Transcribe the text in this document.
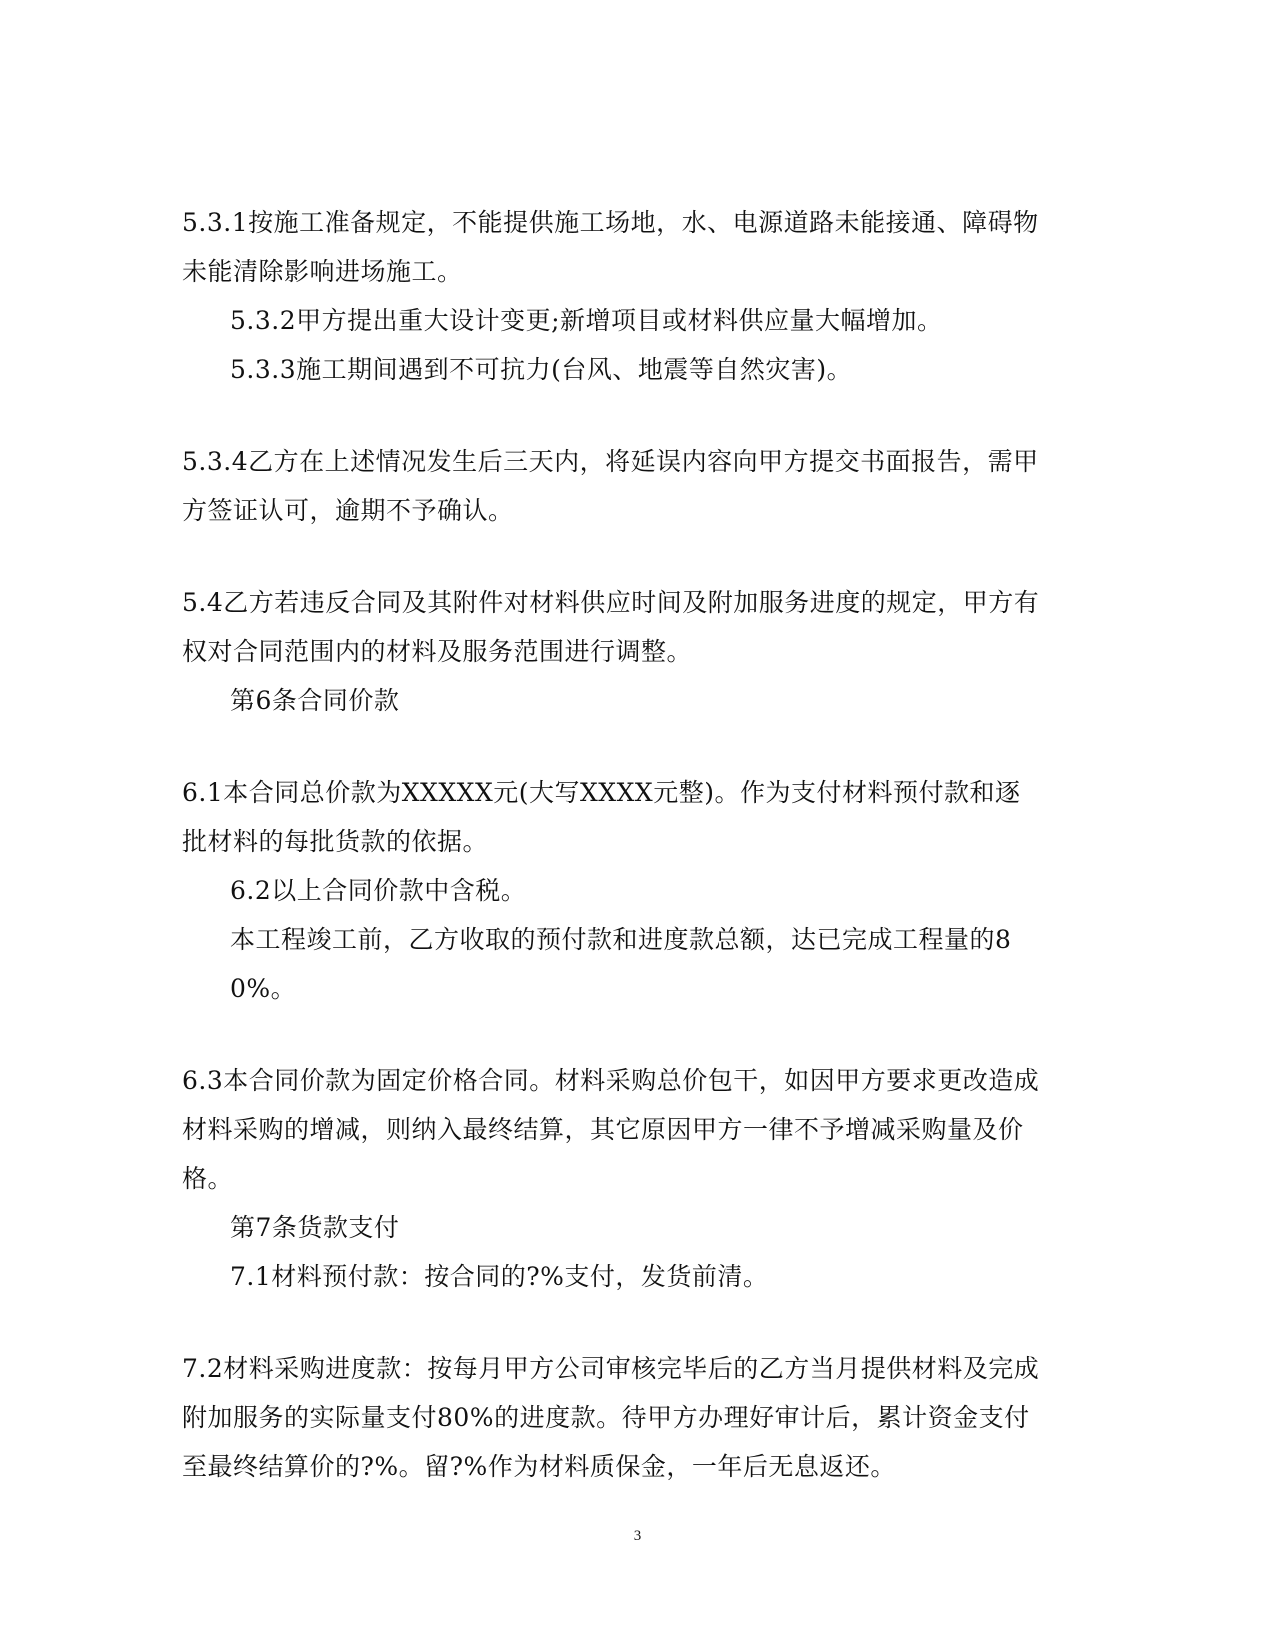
5.3.1按施工准备规定，不能提供施工场地，水、电源道路未能接通、障碍物未能清除影响进场施工。

5.3.2甲方提出重大设计变更;新增项目或材料供应量大幅增加。

5.3.3施工期间遇到不可抗力(台风、地震等自然灾害)。

5.3.4乙方在上述情况发生后三天内，将延误内容向甲方提交书面报告，需甲方签证认可，逾期不予确认。

5.4乙方若违反合同及其附件对材料供应时间及附加服务进度的规定，甲方有权对合同范围内的材料及服务范围进行调整。

第6条合同价款

6.1本合同总价款为XXXXX元(大写XXXX元整)。作为支付材料预付款和逐批材料的每批货款的依据。

6.2以上合同价款中含税。

本工程竣工前，乙方收取的预付款和进度款总额，达已完成工程量的80%。

6.3本合同价款为固定价格合同。材料采购总价包干，如因甲方要求更改造成材料采购的增减，则纳入最终结算，其它原因甲方一律不予增减采购量及价格。

第7条货款支付

7.1材料预付款：按合同的?%支付，发货前清。

7.2材料采购进度款：按每月甲方公司审核完毕后的乙方当月提供材料及完成附加服务的实际量支付80%的进度款。待甲方办理好审计后，累计资金支付至最终结算价的?%。留?%作为材料质保金，一年后无息返还。

3
